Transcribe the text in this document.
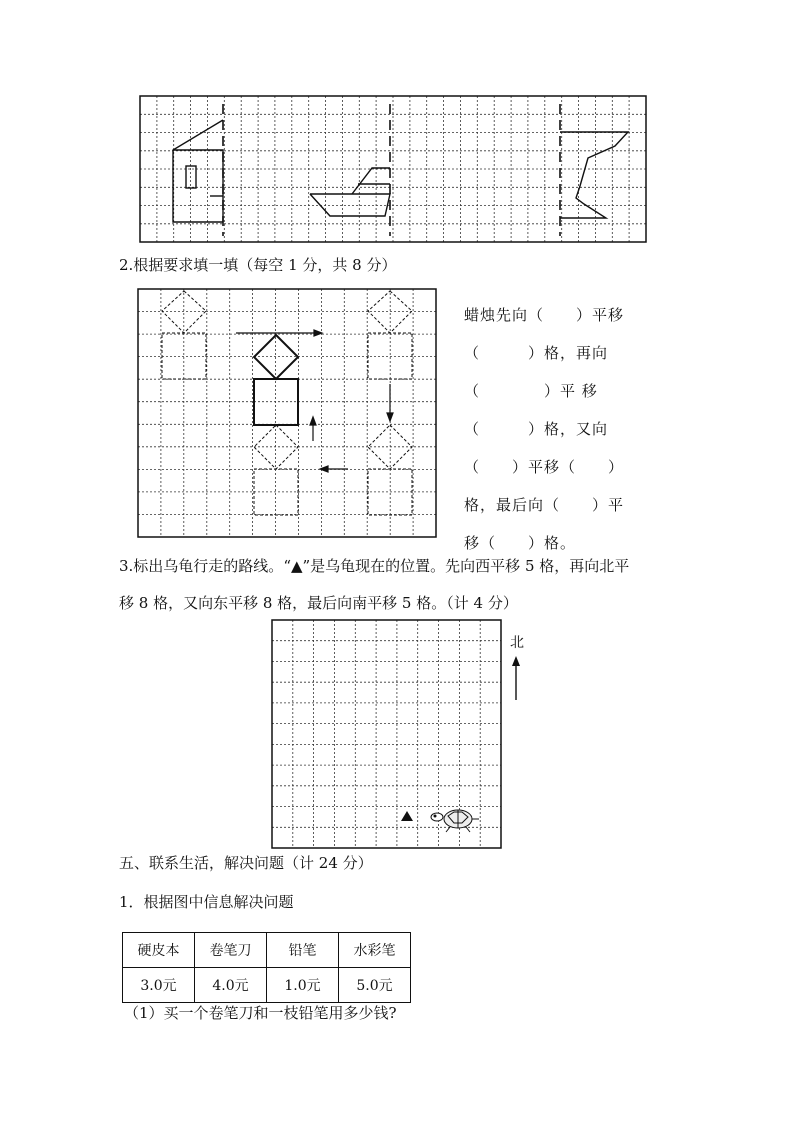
2.根据要求填一填（每空 1 分，共 8 分）
蜡烛先向（　　）平移
（　　　）格，再向
（　　　　）平 移
（　　　）格，又向
（　　）平移（　　）
格，最后向（　　）平
移（　　）格。
3.标出乌龟行走的路线。“▲”是乌龟现在的位置。先向西平移 5 格，再向北平
移 8 格，又向东平移 8 格，最后向南平移 5 格。（计 4 分）
北
五、联系生活，解决问题（计 24 分）
1．根据图中信息解决问题
硬皮本	卷笔刀	铅笔	水彩笔
3.0元	4.0元	1.0元	5.0元
（1）买一个卷笔刀和一枝铅笔用多少钱?
